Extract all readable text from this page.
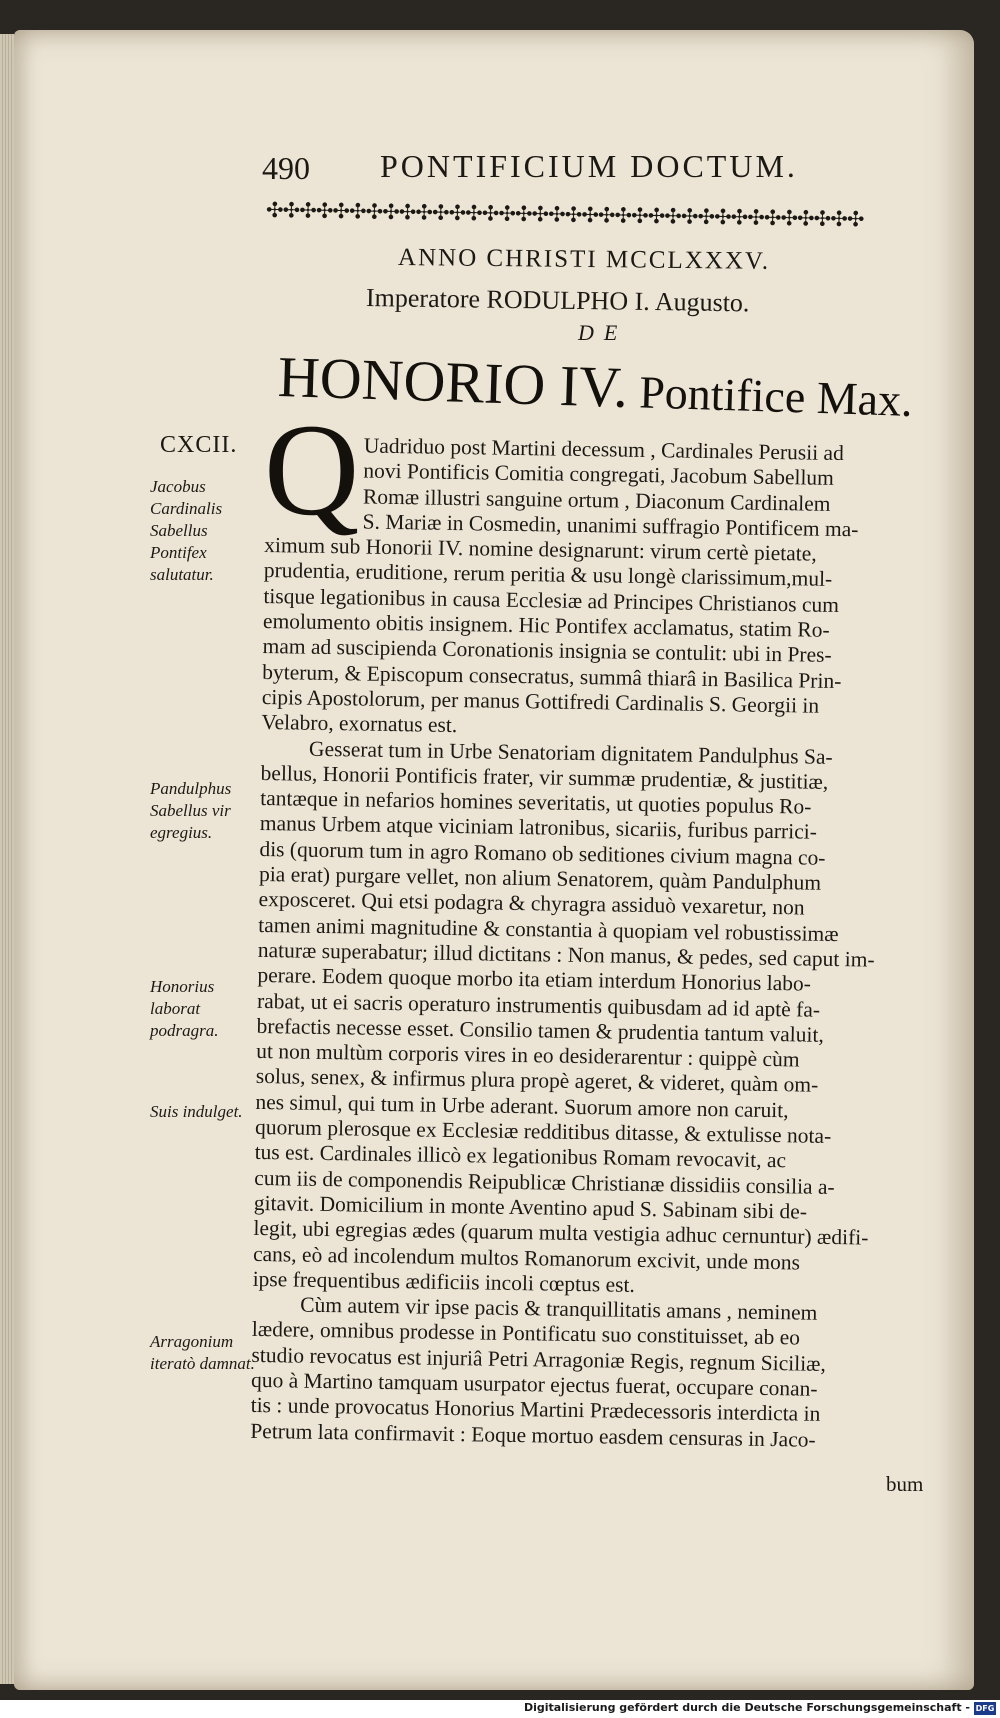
490 PONTIFICIUM DOCTUM.
✣✣✣✣✣✣✣✣✣✣✣✣✣✣✣✣✣✣✣✣✣✣✣✣✣✣✣✣✣✣✣✣✣✣✣✣
ANNO CHRISTI MCCLXXXV.
Imperatore RODULPHO I. Augusto.
DE
HONORIO IV. Pontifice Max.
CXCII.
Jacobus Cardinalis Sabellus Pontifex salutatur.
Pandulphus Sabellus vir egregius.
Honorius laborat podragra.
Suis indulget.
Arragonium iteratò damnat.
Q Uadriduo post Martini decessum , Cardinales Perusii ad
novi Pontificis Comitia congregati, Jacobum Sabellum
Romæ illustri sanguine ortum , Diaconum Cardinalem
S. Mariæ in Cosmedin, unanimi suffragio Pontificem ma-
ximum sub Honorii IV. nomine designarunt: virum certè pietate,
prudentia, eruditione, rerum peritia & usu longè clarissimum,mul-
tisque legationibus in causa Ecclesiæ ad Principes Christianos cum
emolumento obitis insignem. Hic Pontifex acclamatus, statim Ro-
mam ad suscipienda Coronationis insignia se contulit: ubi in Pres-
byterum, & Episcopum consecratus, summâ thiarâ in Basilica Prin-
cipis Apostolorum, per manus Gottifredi Cardinalis S. Georgii in
Velabro, exornatus est.
Gesserat tum in Urbe Senatoriam dignitatem Pandulphus Sa-
bellus, Honorii Pontificis frater, vir summæ prudentiæ, & justitiæ,
tantæque in nefarios homines severitatis, ut quoties populus Ro-
manus Urbem atque viciniam latronibus, sicariis, furibus parrici-
dis (quorum tum in agro Romano ob seditiones civium magna co-
pia erat) purgare vellet, non alium Senatorem, quàm Pandulphum
exposceret. Qui etsi podagra & chyragra assiduò vexaretur, non
tamen animi magnitudine & constantia à quopiam vel robustissimæ
naturæ superabatur; illud dictitans : Non manus, & pedes, sed caput im-
perare. Eodem quoque morbo ita etiam interdum Honorius labo-
rabat, ut ei sacris operaturo instrumentis quibusdam ad id aptè fa-
brefactis necesse esset. Consilio tamen & prudentia tantum valuit,
ut non multùm corporis vires in eo desiderarentur : quippè cùm
solus, senex, & infirmus plura propè ageret, & videret, quàm om-
nes simul, qui tum in Urbe aderant. Suorum amore non caruit,
quorum plerosque ex Ecclesiæ redditibus ditasse, & extulisse nota-
tus est. Cardinales illicò ex legationibus Romam revocavit, ac
cum iis de componendis Reipublicæ Christianæ dissidiis consilia a-
gitavit. Domicilium in monte Aventino apud S. Sabinam sibi de-
legit, ubi egregias ædes (quarum multa vestigia adhuc cernuntur) ædifi-
cans, eò ad incolendum multos Romanorum excivit, unde mons
ipse frequentibus ædificiis incoli cœptus est.
Cùm autem vir ipse pacis & tranquillitatis amans , neminem
lædere, omnibus prodesse in Pontificatu suo constituisset, ab eo
studio revocatus est injuriâ Petri Arragoniæ Regis, regnum Siciliæ,
quo à Martino tamquam usurpator ejectus fuerat, occupare conan-
tis : unde provocatus Honorius Martini Prædecessoris interdicta in
Petrum lata confirmavit : Eoque mortuo easdem censuras in Jaco-
bum
Digitalisierung gefördert durch die Deutsche Forschungsgemeinschaft - DFG
